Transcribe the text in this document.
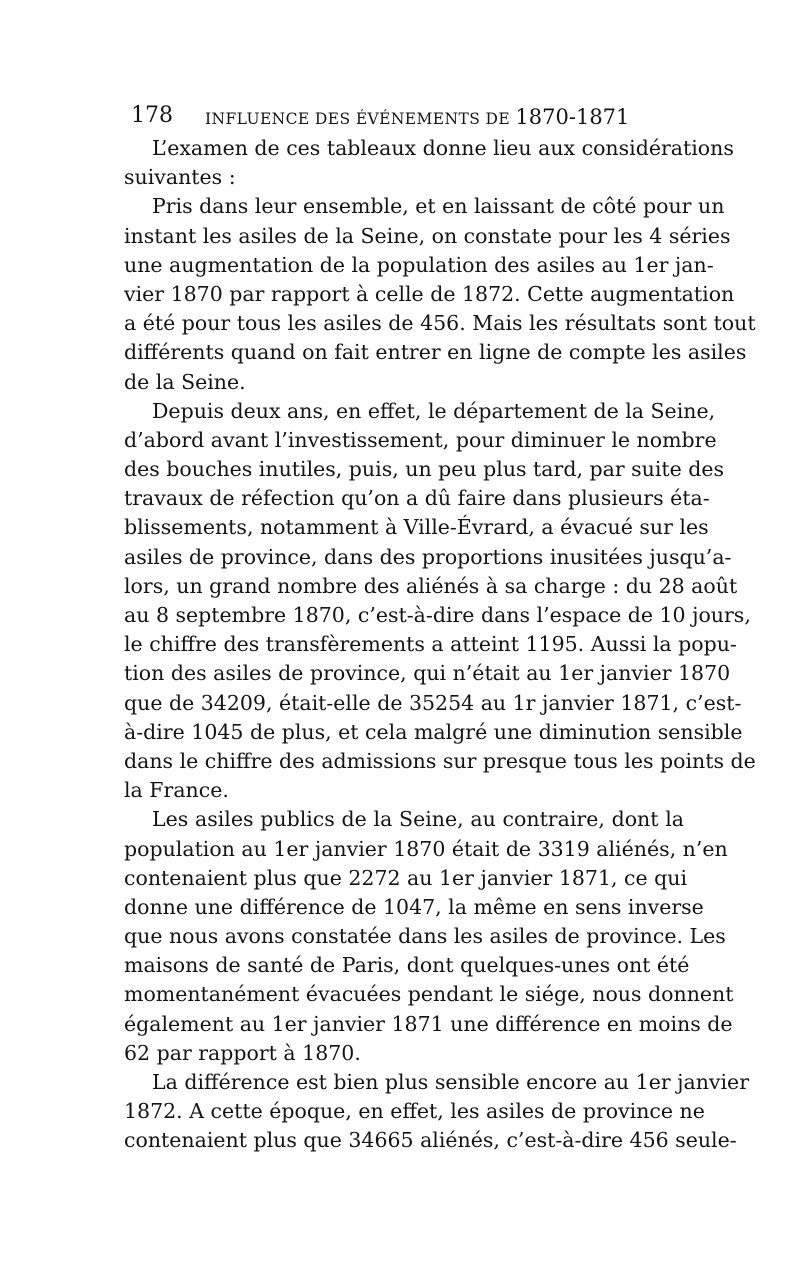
178 INFLUENCE DES ÉVÉNEMENTS DE 1870-1871
L’examen de ces tableaux donne lieu aux considérations
suivantes :
Pris dans leur ensemble, et en laissant de côté pour un
instant les asiles de la Seine, on constate pour les 4 séries
une augmentation de la population des asiles au 1er jan-
vier 1870 par rapport à celle de 1872. Cette augmentation
a été pour tous les asiles de 456. Mais les résultats sont tout
différents quand on fait entrer en ligne de compte les asiles
de la Seine.
Depuis deux ans, en effet, le département de la Seine,
d’abord avant l’investissement, pour diminuer le nombre
des bouches inutiles, puis, un peu plus tard, par suite des
travaux de réfection qu’on a dû faire dans plusieurs éta-
blissements, notamment à Ville-Évrard, a évacué sur les
asiles de province, dans des proportions inusitées jusqu’a-
lors, un grand nombre des aliénés à sa charge : du 28 août
au 8 septembre 1870, c’est-à-dire dans l’espace de 10 jours,
le chiffre des transfèrements a atteint 1195. Aussi la popu-
tion des asiles de province, qui n’était au 1er janvier 1870
que de 34209, était-elle de 35254 au 1r janvier 1871, c’est-
à-dire 1045 de plus, et cela malgré une diminution sensible
dans le chiffre des admissions sur presque tous les points de
la France.
Les asiles publics de la Seine, au contraire, dont la
population au 1er janvier 1870 était de 3319 aliénés, n’en
contenaient plus que 2272 au 1er janvier 1871, ce qui
donne une différence de 1047, la même en sens inverse
que nous avons constatée dans les asiles de province. Les
maisons de santé de Paris, dont quelques-unes ont été
momentanément évacuées pendant le siége, nous donnent
également au 1er janvier 1871 une différence en moins de
62 par rapport à 1870.
La différence est bien plus sensible encore au 1er janvier
1872. A cette époque, en effet, les asiles de province ne
contenaient plus que 34665 aliénés, c’est-à-dire 456 seule-
